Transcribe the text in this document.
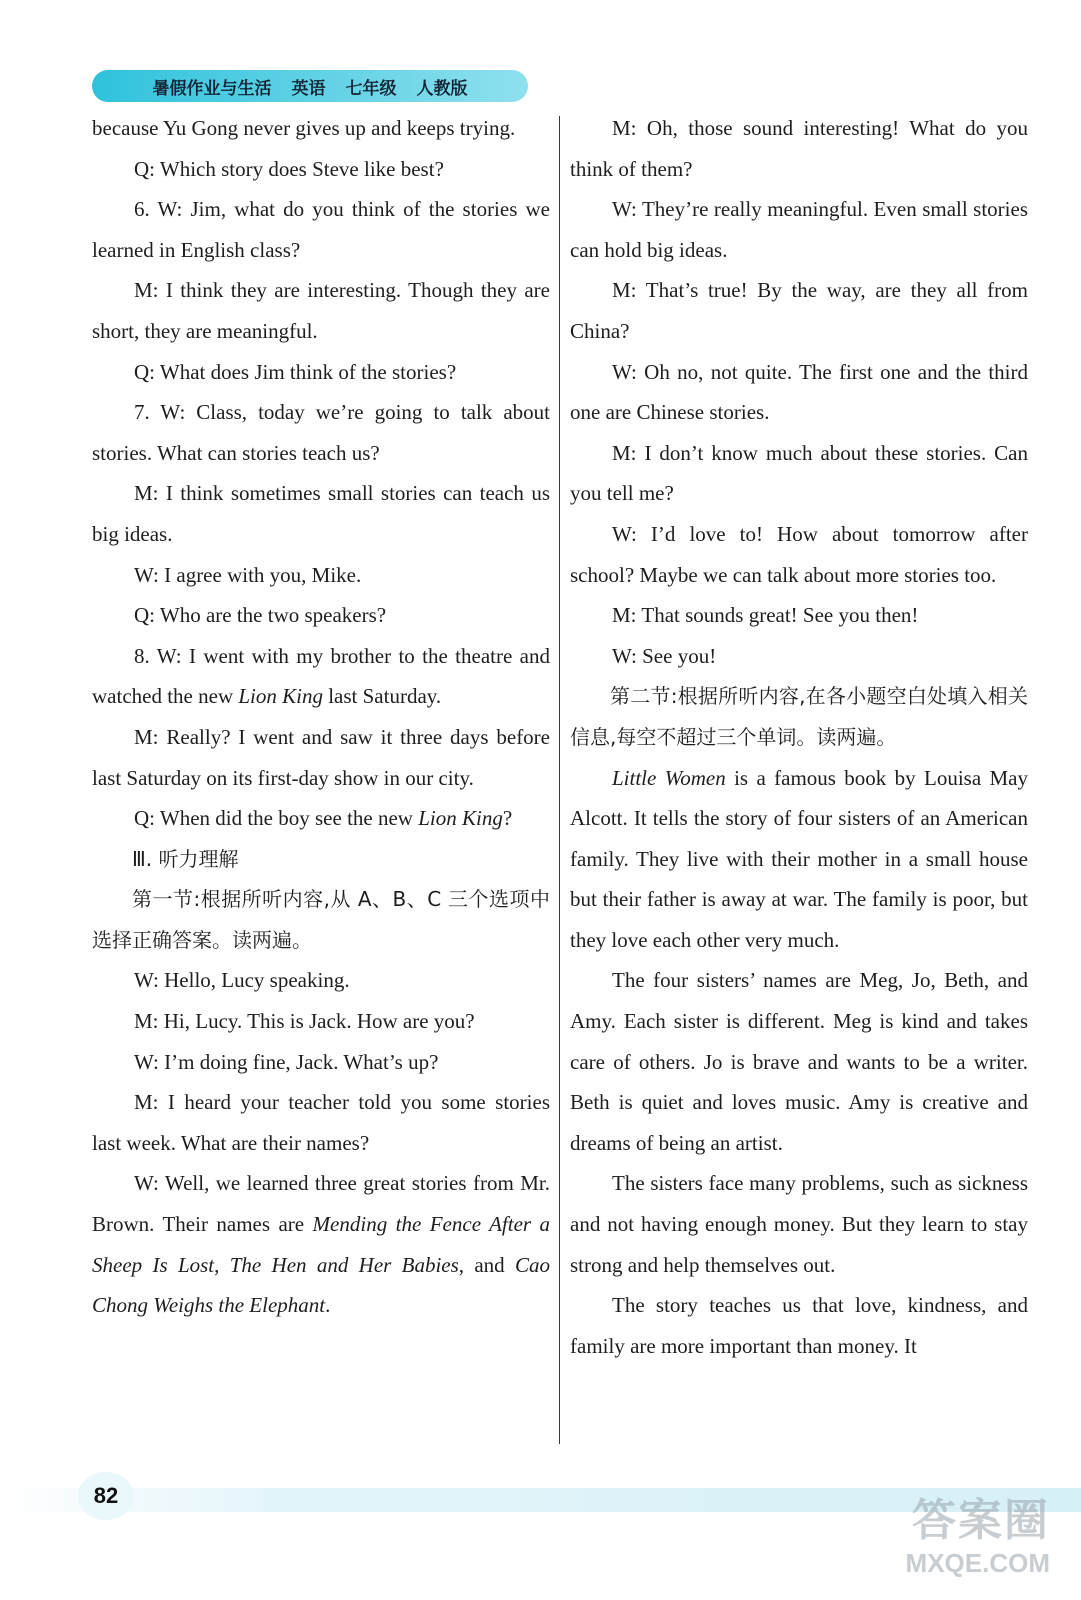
暑假作业与生活 英语 七年级 人教版

because Yu Gong never gives up and keeps trying.

Q: Which story does Steve like best?

6. W: Jim, what do you think of the stories we learned in English class?

M: I think they are interesting. Though they are short, they are meaningful.

Q: What does Jim think of the stories?

7. W: Class, today we’re going to talk about stories. What can stories teach us?

M: I think sometimes small stories can teach us big ideas.

W: I agree with you, Mike.

Q: Who are the two speakers?

8. W: I went with my brother to the theatre and watched the new Lion King last Saturday.

M: Really? I went and saw it three days before last Saturday on its first-day show in our city.

Q: When did the boy see the new Lion King?

Ⅲ. 听力理解

第一节:根据所听内容,从 A、B、C 三个选项中选择正确答案。读两遍。

W: Hello, Lucy speaking.

M: Hi, Lucy. This is Jack. How are you?

W: I’m doing fine, Jack. What’s up?

M: I heard your teacher told you some stories last week. What are their names?

W: Well, we learned three great stories from Mr. Brown. Their names are Mending the Fence After a Sheep Is Lost, The Hen and Her Babies, and Cao Chong Weighs the Elephant.

M: Oh, those sound interesting! What do you think of them?

W: They’re really meaningful. Even small stories can hold big ideas.

M: That’s true! By the way, are they all from China?

W: Oh no, not quite. The first one and the third one are Chinese stories.

M: I don’t know much about these stories. Can you tell me?

W: I’d love to! How about tomorrow after school? Maybe we can talk about more stories too.

M: That sounds great! See you then!

W: See you!

第二节:根据所听内容,在各小题空白处填入相关信息,每空不超过三个单词。读两遍。

Little Women is a famous book by Louisa May Alcott. It tells the story of four sisters of an American family. They live with their mother in a small house but their father is away at war. The family is poor, but they love each other very much.

The four sisters’ names are Meg, Jo, Beth, and Amy. Each sister is different. Meg is kind and takes care of others. Jo is brave and wants to be a writer. Beth is quiet and loves music. Amy is creative and dreams of being an artist.

The sisters face many problems, such as sickness and not having enough money. But they learn to stay strong and help themselves out.

The story teaches us that love, kindness, and family are more important than money. It

82	答案圈
MXQE.COM
